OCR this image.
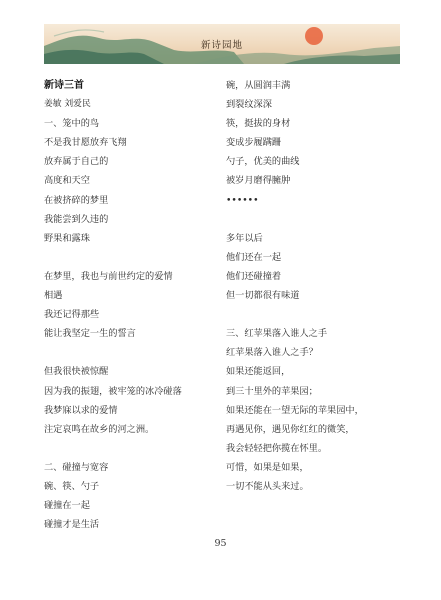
新诗园地
新诗三首
姜敏 刘爱民
一、笼中的鸟
不是我甘愿放弃飞翔
放弃属于自己的
高度和天空
在被挤碎的梦里
我能尝到久违的
野果和露珠
在梦里，我也与前世约定的爱情
相遇
我还记得那些
能让我坚定一生的誓言
但我很快被惊醒
因为我的振翅，被牢笼的冰冷碰落
我梦寐以求的爱情
注定哀鸣在故乡的河之洲。
二、碰撞与宽容
碗、筷、勺子
碰撞在一起
碰撞才是生活
碗，从圆润丰满
到裂纹深深
筷，挺拔的身材
变成步履蹒跚
勺子，优美的曲线
被岁月磨得臃肿
••••••
多年以后
他们还在一起
他们还碰撞着
但一切都很有味道
三、红苹果落入谁人之手
红苹果落入谁人之手？
如果还能返回，
到三十里外的苹果园；
如果还能在一望无际的苹果园中，
再遇见你，遇见你红红的微笑，
我会轻轻把你揽在怀里。
可惜，如果是如果，
一切不能从头来过。
95
